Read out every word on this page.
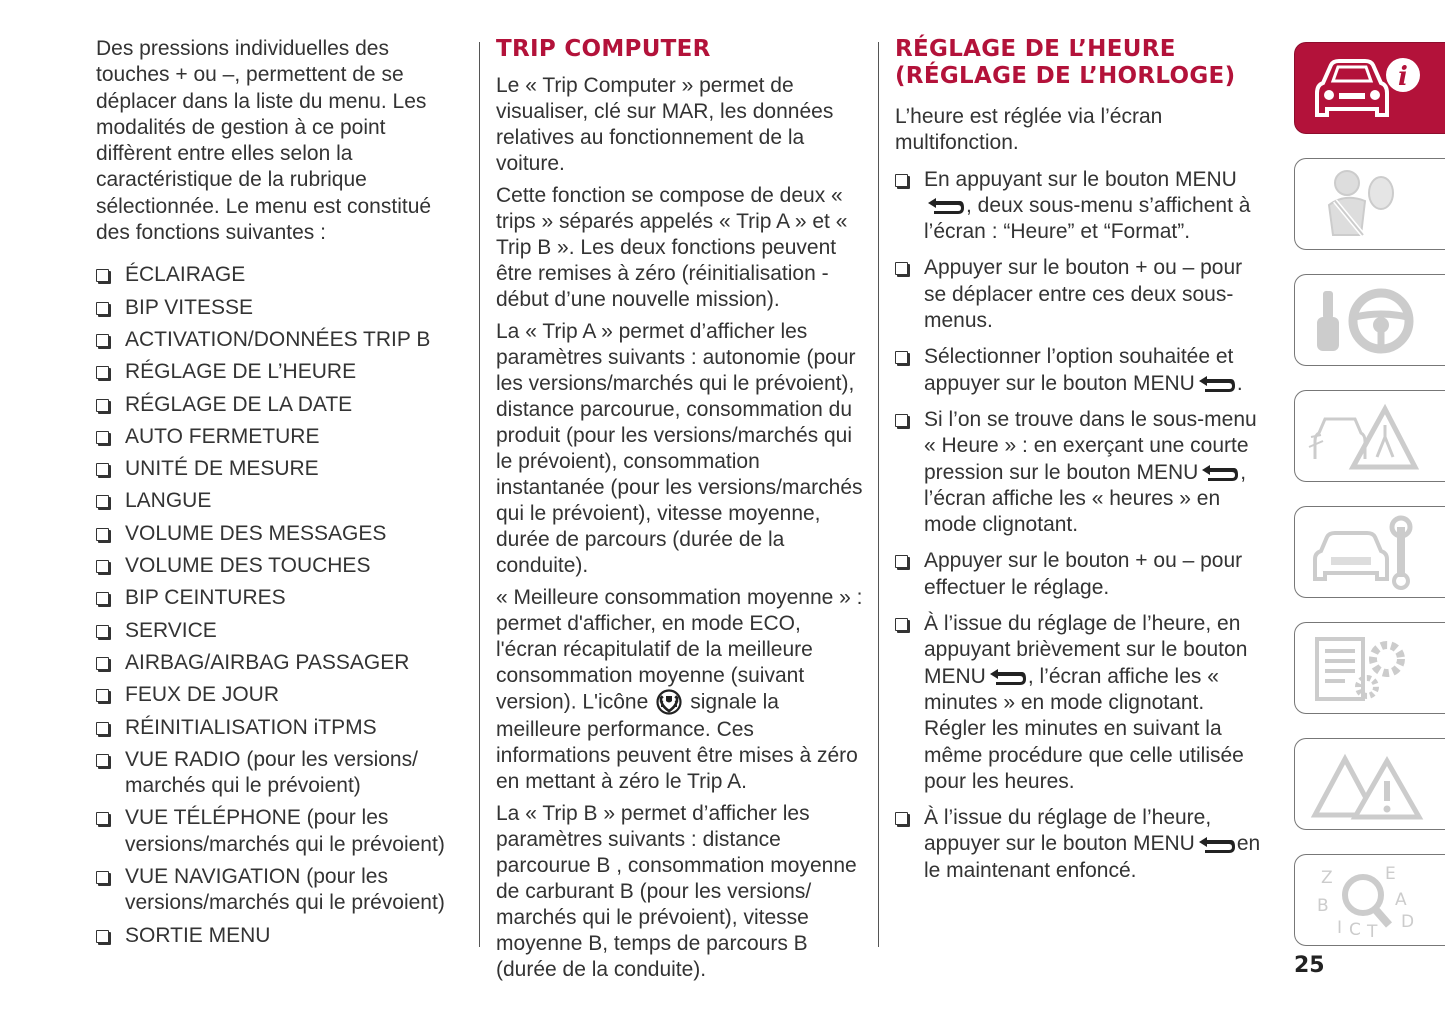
Des pressions individuelles des touches + ou –, permettent de se déplacer dans la liste du menu. Les modalités de gestion à ce point diffèrent entre elles selon la caractéristique de la rubrique sélectionnée. Le menu est constitué des fonctions suivantes :

ÉCLAIRAGE
BIP VITESSE
ACTIVATION/DONNÉES TRIP B
RÉGLAGE DE L’HEURE
RÉGLAGE DE LA DATE
AUTO FERMETURE
UNITÉ DE MESURE
LANGUE
VOLUME DES MESSAGES
VOLUME DES TOUCHES
BIP CEINTURES
SERVICE
AIRBAG/AIRBAG PASSAGER
FEUX DE JOUR
RÉINITIALISATION iTPMS
VUE RADIO (pour les versions/ marchés qui le prévoient)
VUE TÉLÉPHONE (pour les versions/marchés qui le prévoient)
VUE NAVIGATION (pour les versions/marchés qui le prévoient)
SORTIE MENU
TRIP COMPUTER

Le « Trip Computer » permet de visualiser, clé sur MAR, les données relatives au fonctionnement de la voiture.

Cette fonction se compose de deux « trips » séparés appelés « Trip A » et « Trip B ». Les deux fonctions peuvent être remises à zéro (réinitialisation - début d’une nouvelle mission).

La « Trip A » permet d’afficher les paramètres suivants : autonomie (pour les versions/marchés qui le prévoient), distance parcourue, consommation du produit (pour les versions/marchés qui le prévoient), consommation instantanée (pour les versions/marchés qui le prévoient), vitesse moyenne, durée de parcours (durée de la conduite).

« Meilleure consommation moyenne » : permet d'afficher, en mode ECO, l'écran récapitulatif de la meilleure consommation moyenne (suivant version). L'icône signale la meilleure performance. Ces informations peuvent être mises à zéro en mettant à zéro le Trip A.

La « Trip B » permet d’afficher les paramètres suivants : distance parcourue B , consommation moyenne de carburant B (pour les versions/ marchés qui le prévoient), vitesse moyenne B, temps de parcours B (durée de la conduite).

RÉGLAGE DE L’HEURE (RÉGLAGE DE L’HORLOGE)

L’heure est réglée via l’écran multifonction.

En appuyant sur le bouton MENU
, deux sous-menu s’affichent à l’écran : “Heure” et “Format”.
Appuyer sur le bouton + ou – pour se déplacer entre ces deux sous-menus.
Sélectionner l’option souhaitée et appuyer sur le bouton MENU .
Si l’on se trouve dans le sous-menu « Heure » : en exerçant une courte pression sur le bouton MENU , l’écran affiche les « heures » en mode clignotant.
Appuyer sur le bouton + ou – pour effectuer le réglage.
À l’issue du réglage de l’heure, en appuyant brièvement sur le bouton MENU , l’écran affiche les « minutes » en mode clignotant. Régler les minutes en suivant la même procédure que celle utilisée pour les heures.
À l’issue du réglage de l’heure, appuyer sur le bouton MENU en le maintenant enfoncé.
i
Z	E
B	A
I C T D
25
